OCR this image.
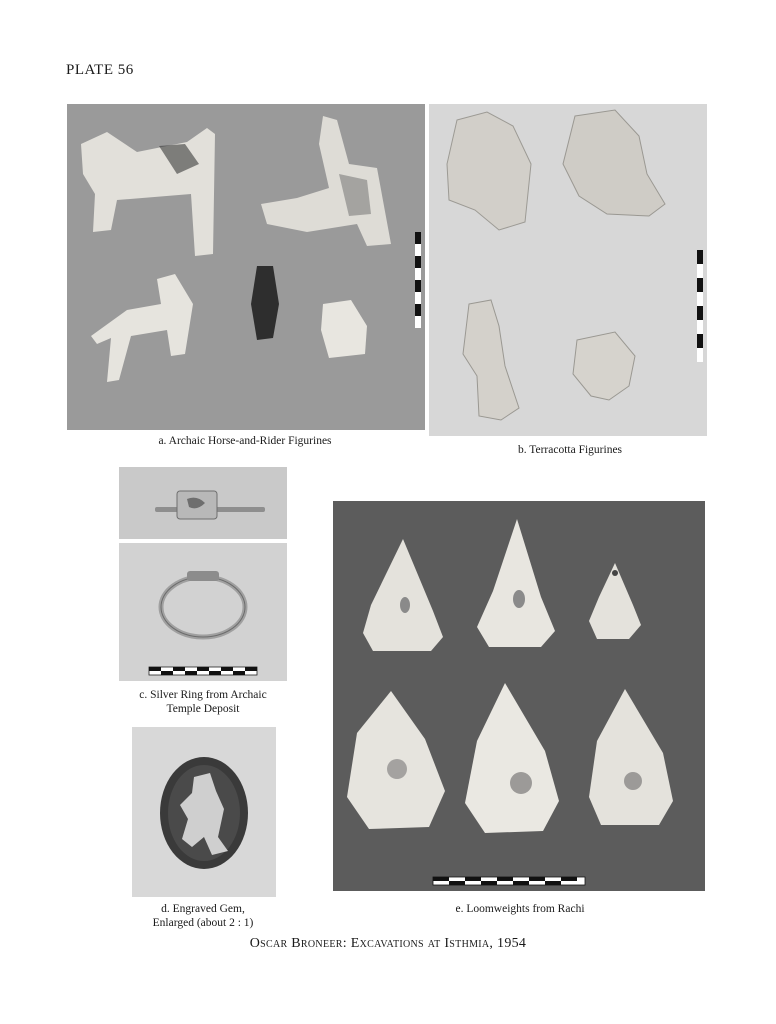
PLATE 56
a. Archaic Horse-and-Rider Figurines
b. Terracotta Figurines
c. Silver Ring from Archaic
Temple Deposit
d. Engraved Gem,
Enlarged (about 2 : 1)
e. Loomweights from Rachi
Oscar Broneer: Excavations at Isthmia, 1954
